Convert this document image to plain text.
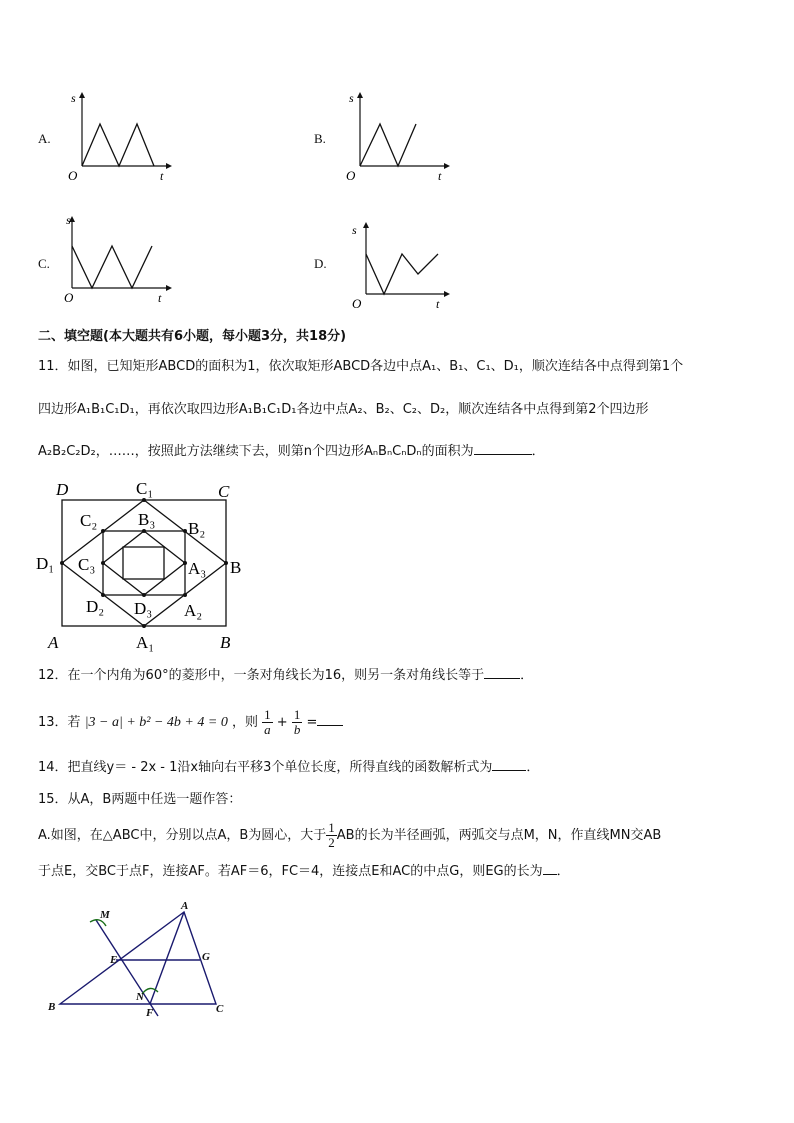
A.
s
O	t
B.
s
O	t
C.
s
O	t
D.
s
O	t
二、填空题(本大题共有6小题，每小题3分，共18分)
11．如图，已知矩形ABCD的面积为1，依次取矩形ABCD各边中点A₁、B₁、C₁、D₁，顺次连结各中点得到第1个
四边形A₁B₁C₁D₁，再依次取四边形A₁B₁C₁D₁各边中点A₂、B₂、C₂、D₂，顺次连结各中点得到第2个四边形
A₂B₂C₂D₂，……，按照此方法继续下去，则第n个四边形AₙBₙCₙDₙ的面积为	．
D	C₁	C
C₂ B₃ B₂
D₁ C₃	A₃ B
D₂ D₃ A₂
A	A₁	B
12．在一个内角为60°的菱形中，一条对角线长为16，则另一条对角线长等于	．
13．若 |3 − a| + b² − 4b + 4 = 0 ，则 $\frac{1}{a} + \frac{1}{b}$ =
14．把直线y＝ - 2x - 1沿x轴向右平移3个单位长度，所得直线的函数解析式为	．
15．从A，B两题中任选一题作答：
A.如图，在△ABC中，分别以点A，B为圆心，大于 $\frac{1}{2}$ AB的长为半径画弧，两弧交与点M，N，作直线MN交AB
于点E，交BC于点F，连接AF。若AF＝6，FC＝4，连接点E和AC的中点G，则EG的长为 ．
A
B	C
E
F
G
M
N
